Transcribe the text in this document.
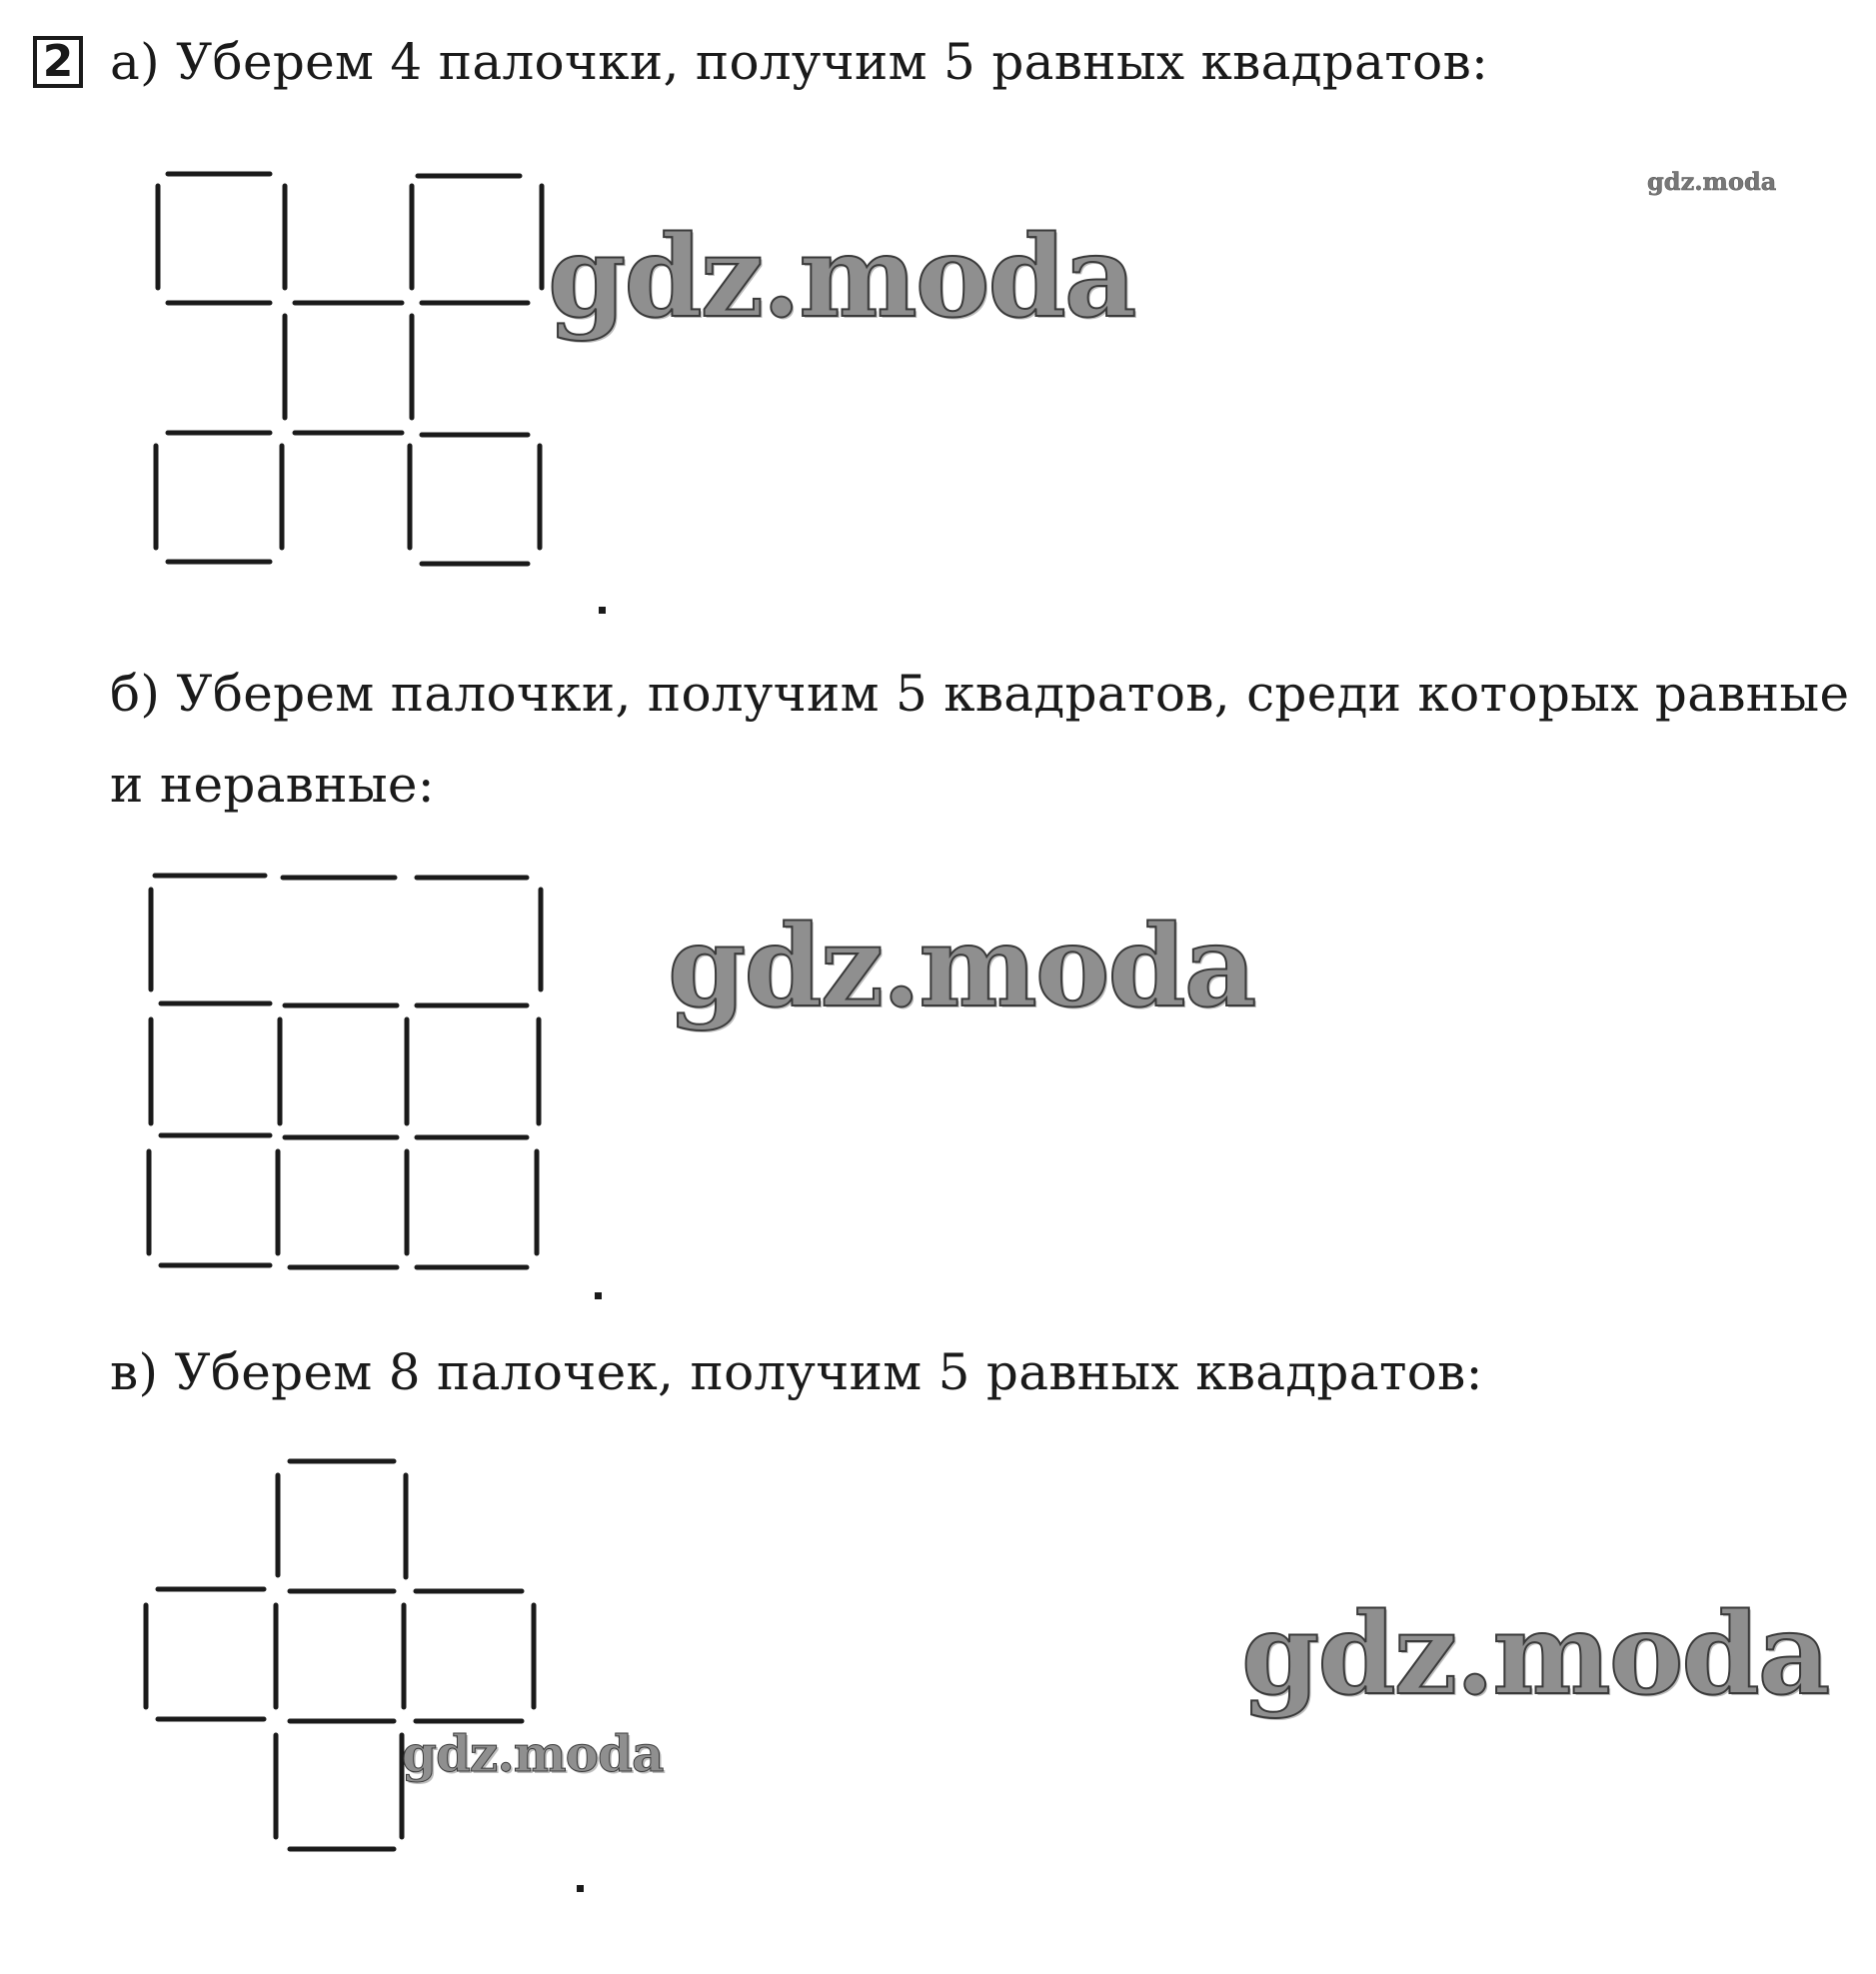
2 а) Уберем 4 палочки, получим 5 равных квадратов:
б) Уберем палочки, получим 5 квадратов, среди которых равные
и неравные:
в) Уберем 8 палочек, получим 5 равных квадратов:
gdz.moda
gdz.moda
gdz.moda
gdz.moda
gdz.moda
